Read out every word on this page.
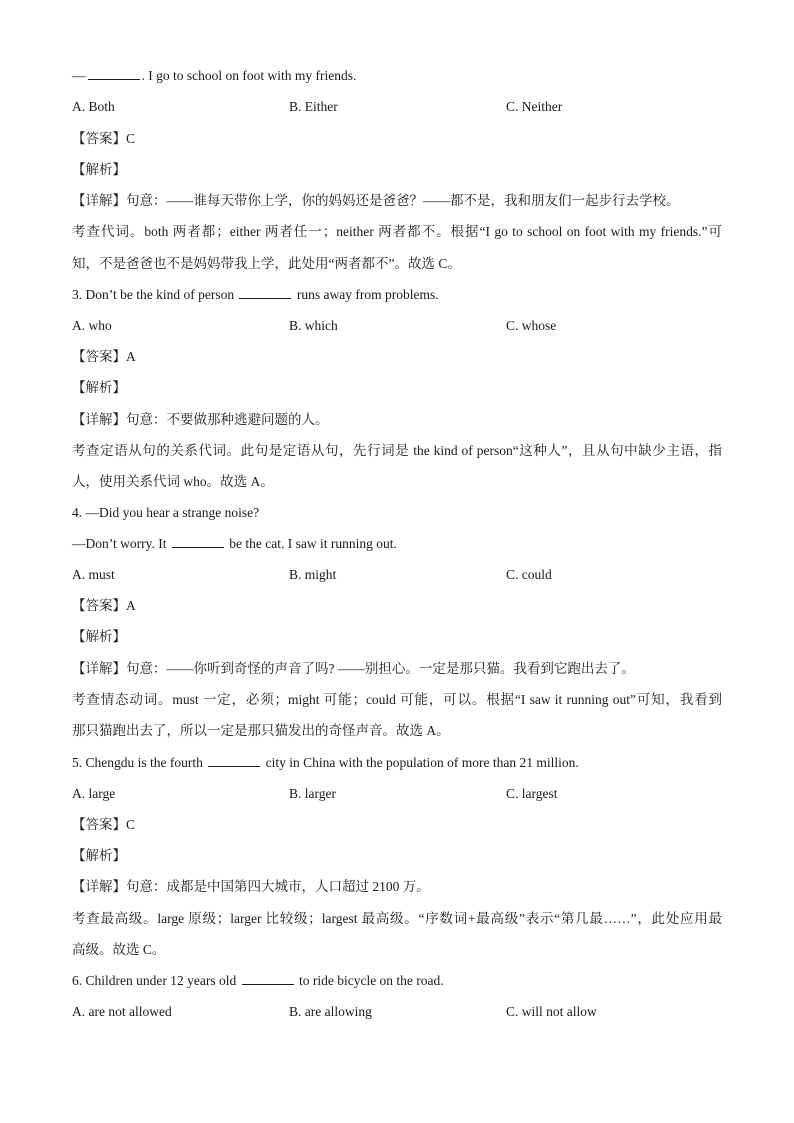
—	. I go to school on foot with my friends.
A. Both	B. Either	C. Neither
【答案】C
【解析】
【详解】句意：——谁每天带你上学，你的妈妈还是爸爸？——都不是，我和朋友们一起步行去学校。
考查代词。both 两者都；either 两者任一；neither 两者都不。根据“I go to school on foot with my friends.”可
知，不是爸爸也不是妈妈带我上学，此处用“两者都不”。故选 C。
3. Don’t be the kind of person	runs away from problems.
A. who	B. which	C. whose
【答案】A
【解析】
【详解】句意：不要做那种逃避问题的人。
考查定语从句的关系代词。此句是定语从句，先行词是 the kind of person“这种人”，且从句中缺少主语，指
人，使用关系代词 who。故选 A。
4. —Did you hear a strange noise?
—Don’t worry. It	be the cat. I saw it running out.
A. must	B. might	C. could
【答案】A
【解析】
【详解】句意：——你听到奇怪的声音了吗? ——别担心。一定是那只猫。我看到它跑出去了。
考查情态动词。must 一定，必须；might 可能；could 可能，可以。根据“I saw it running out”可知，我看到
那只猫跑出去了，所以一定是那只猫发出的奇怪声音。故选 A。
5. Chengdu is the fourth	city in China with the population of more than 21 million.
A. large	B. larger	C. largest
【答案】C
【解析】
【详解】句意：成都是中国第四大城市，人口超过 2100 万。
考查最高级。large 原级；larger 比较级；largest 最高级。“序数词+最高级”表示“第几最……”，此处应用最
高级。故选 C。
6. Children under 12 years old	to ride bicycle on the road.
A. are not allowed	B. are allowing	C. will not allow
